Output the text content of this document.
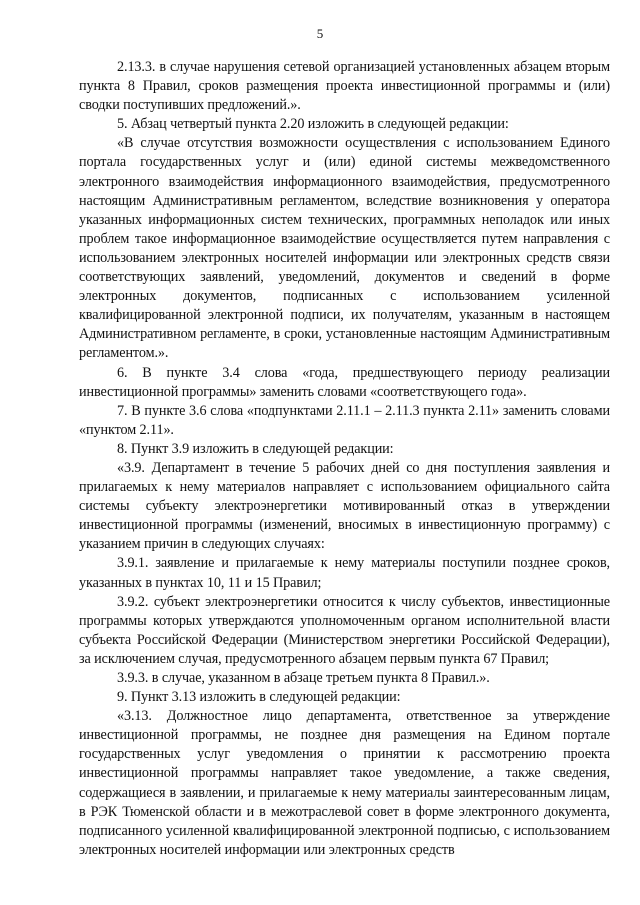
5

2.13.3. в случае нарушения сетевой организацией установленных абзацем вторым пункта 8 Правил, сроков размещения проекта инвестиционной программы и (или) сводки поступивших предложений.».

5. Абзац четвертый пункта 2.20 изложить в следующей редакции:

«В случае отсутствия возможности осуществления с использованием Единого портала государственных услуг и (или) единой системы межведомственного электронного взаимодействия информационного взаимодействия, предусмотренного настоящим Административным регламентом, вследствие возникновения у оператора указанных информационных систем технических, программных неполадок или иных проблем такое информационное взаимодействие осуществляется путем направления с использованием электронных носителей информации или электронных средств связи соответствующих заявлений, уведомлений, документов и сведений в форме электронных документов, подписанных с использованием усиленной квалифицированной электронной подписи, их получателям, указанным в настоящем Административном регламенте, в сроки, установленные настоящим Административным регламентом.».

6. В пункте 3.4 слова «года, предшествующего периоду реализации инвестиционной программы» заменить словами «соответствующего года».

7. В пункте 3.6 слова «подпунктами 2.11.1 – 2.11.3 пункта 2.11» заменить словами «пунктом 2.11».

8. Пункт 3.9 изложить в следующей редакции:

«3.9. Департамент в течение 5 рабочих дней со дня поступления заявления и прилагаемых к нему материалов направляет с использованием официального сайта системы субъекту электроэнергетики мотивированный отказ в утверждении инвестиционной программы (изменений, вносимых в инвестиционную программу) с указанием причин в следующих случаях:

3.9.1. заявление и прилагаемые к нему материалы поступили позднее сроков, указанных в пунктах 10, 11 и 15 Правил;

3.9.2. субъект электроэнергетики относится к числу субъектов, инвестиционные программы которых утверждаются уполномоченным органом исполнительной власти субъекта Российской Федерации (Министерством энергетики Российской Федерации), за исключением случая, предусмотренного абзацем первым пункта 67 Правил;

3.9.3. в случае, указанном в абзаце третьем пункта 8 Правил.».

9. Пункт 3.13 изложить в следующей редакции:

«3.13. Должностное лицо департамента, ответственное за утверждение инвестиционной программы, не позднее дня размещения на Едином портале государственных услуг уведомления о принятии к рассмотрению проекта инвестиционной программы направляет такое уведомление, а также сведения, содержащиеся в заявлении, и прилагаемые к нему материалы заинтересованным лицам, в РЭК Тюменской области и в межотраслевой совет в форме электронного документа, подписанного усиленной квалифицированной электронной подписью, с использованием электронных носителей информации или электронных средств
